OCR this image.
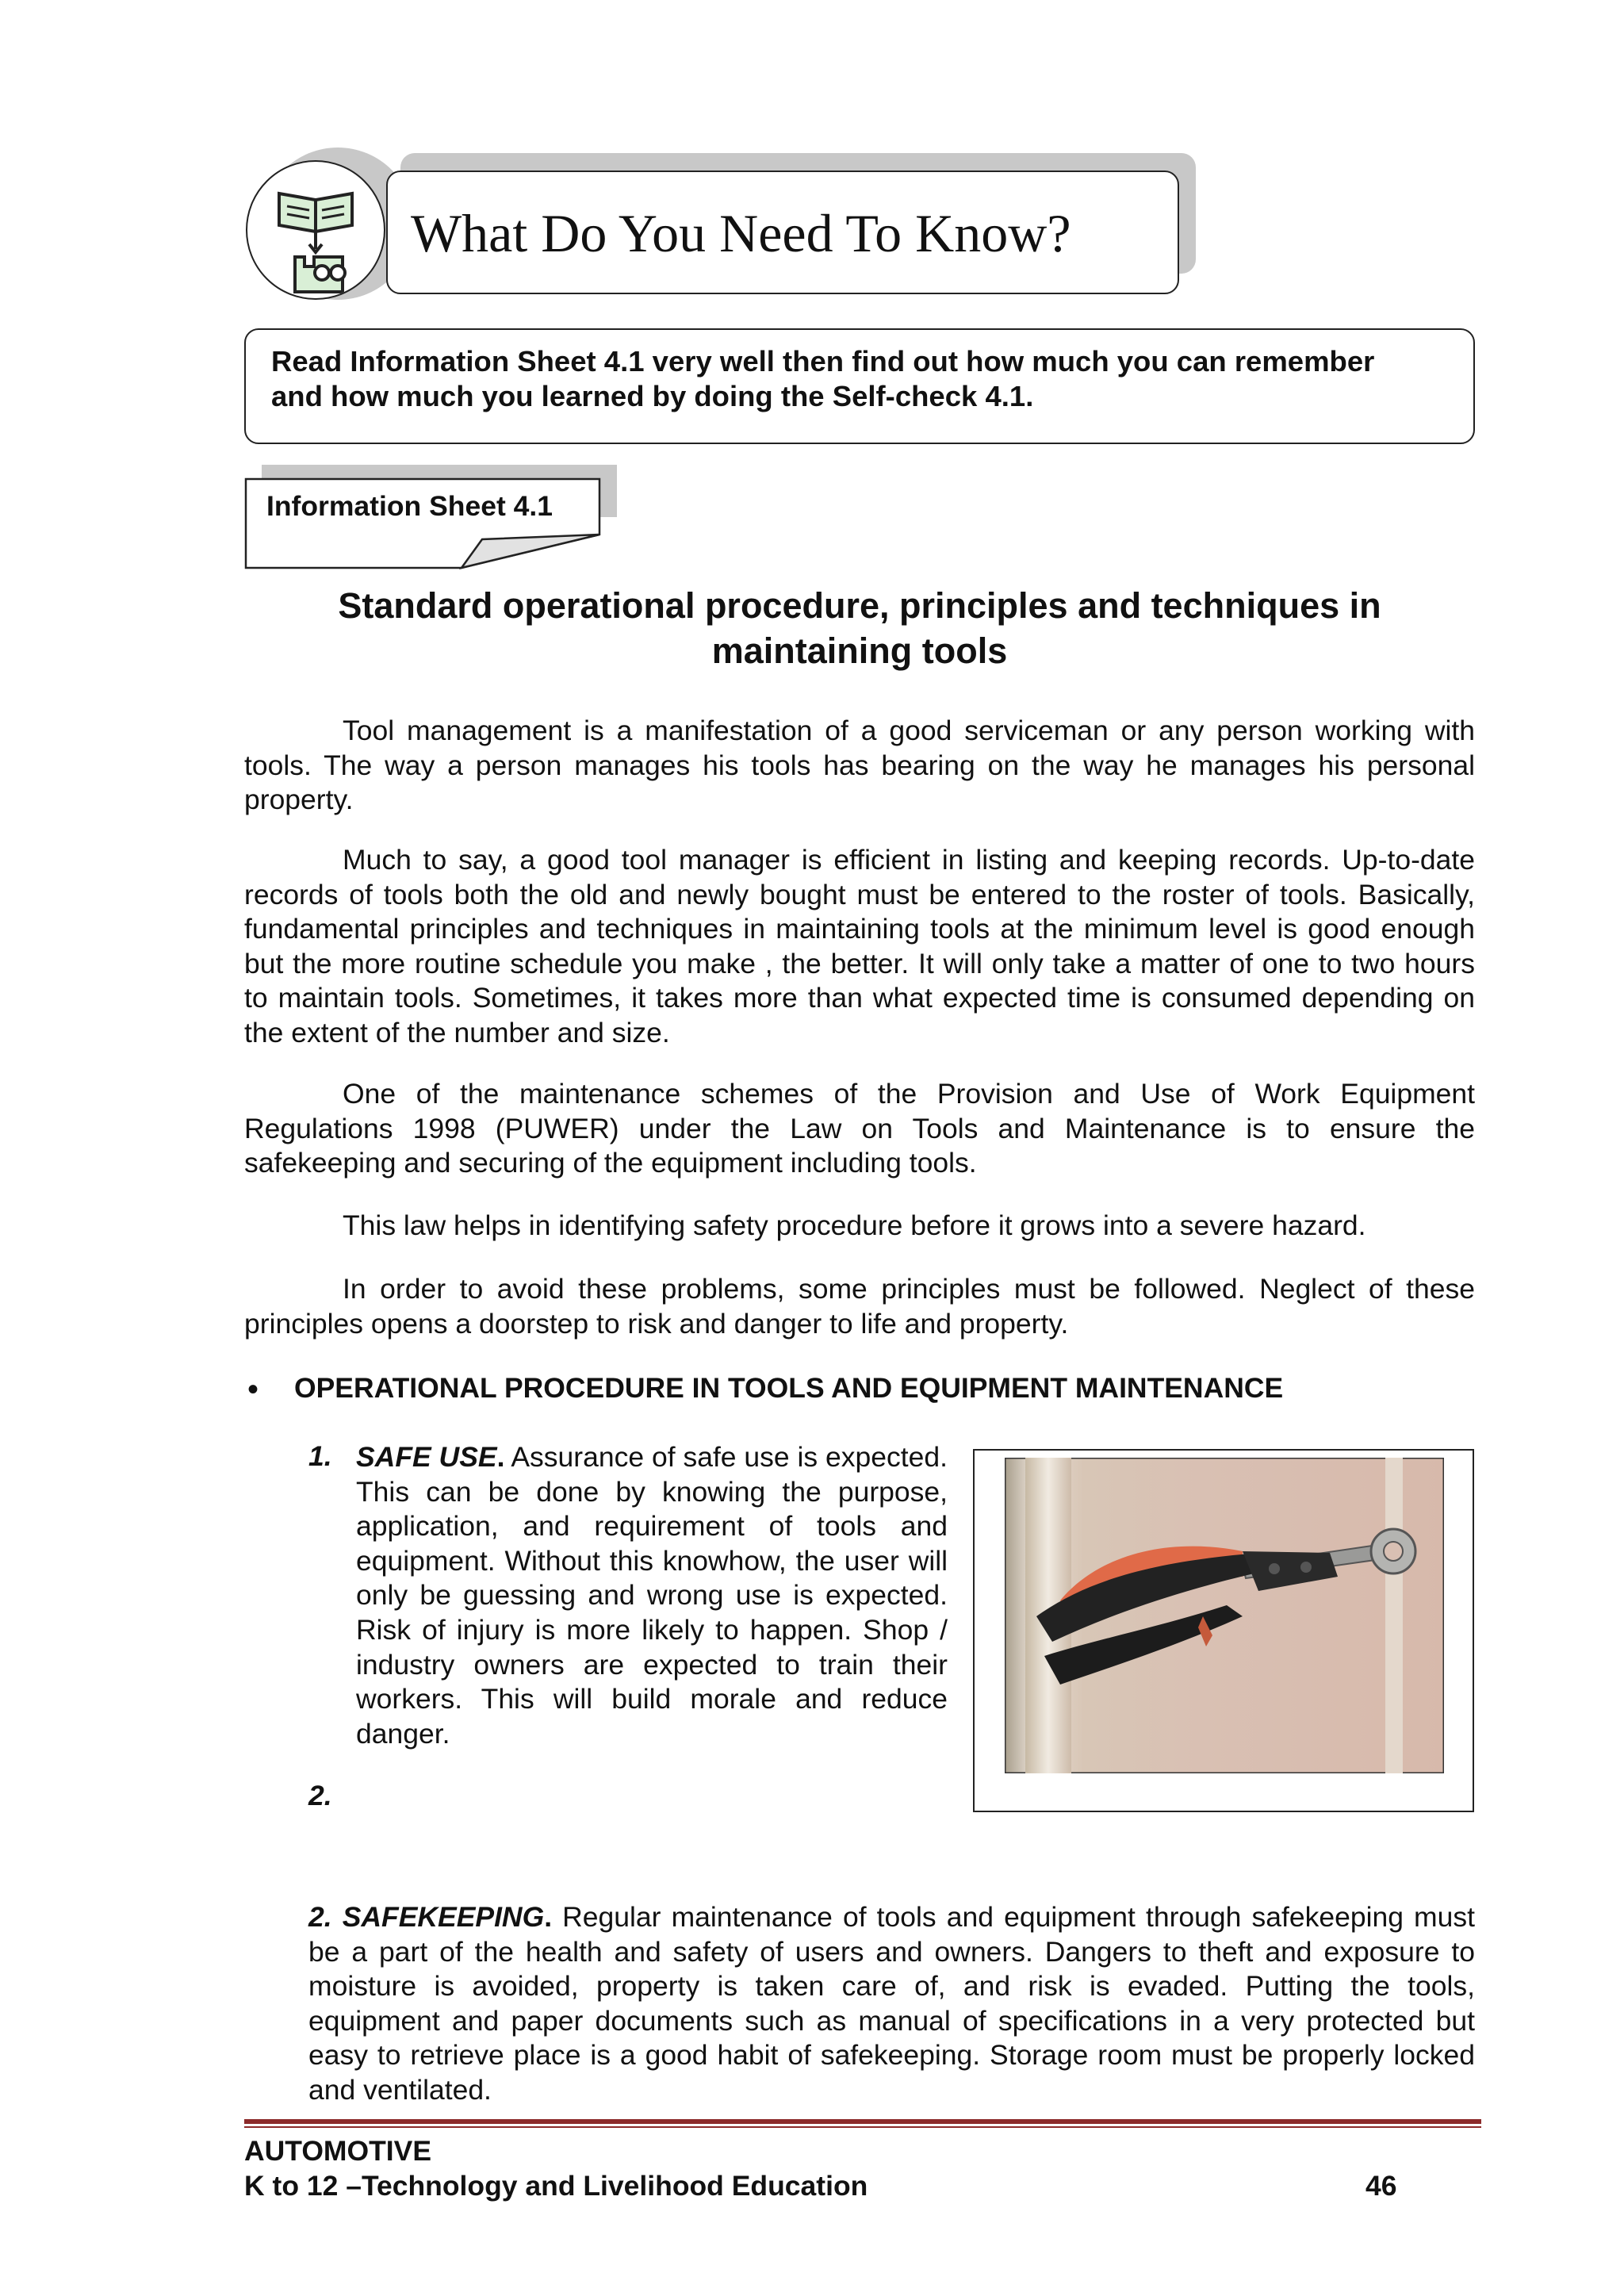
What Do You Need To Know?
Read Information Sheet 4.1 very well then find out how much you can remember
and how much you learned by doing the Self-check 4.1.
Information Sheet 4.1
Standard operational procedure, principles and techniques in
maintaining tools
Tool management is a manifestation of a good serviceman or any person working with tools. The way a person manages his tools has bearing on the way he manages his personal property.
Much to say, a good tool manager is efficient in listing and keeping records. Up-to-date records of tools both the old and newly bought must be entered to the roster of tools. Basically, fundamental principles and techniques in maintaining tools at the minimum level is good enough but the more routine schedule you make , the better. It will only take a matter of one to two hours to maintain tools. Sometimes, it takes more than what expected time is consumed depending on the extent of the number and size.
One of the maintenance schemes of the Provision and Use of Work Equipment Regulations 1998 (PUWER) under the Law on Tools and Maintenance is to ensure the safekeeping and securing of the equipment including tools.
This law helps in identifying safety procedure before it grows into a severe hazard.
In order to avoid these problems, some principles must be followed. Neglect of these principles opens a doorstep to risk and danger to life and property.
• OPERATIONAL PROCEDURE IN TOOLS AND EQUIPMENT MAINTENANCE
1. SAFE USE. Assurance of safe use is expected. This can be done by knowing the purpose, application, and requirement of tools and equipment. Without this knowhow, the user will only be guessing and wrong use is expected. Risk of injury is more likely to happen. Shop / industry owners are expected to train their workers. This will build morale and reduce danger.
2.
2. SAFEKEEPING. Regular maintenance of tools and equipment through safekeeping must be a part of the health and safety of users and owners. Dangers to theft and exposure to moisture is avoided, property is taken care of, and risk is evaded. Putting the tools, equipment and paper documents such as manual of specifications in a very protected but easy to retrieve place is a good habit of safekeeping. Storage room must be properly locked and ventilated.
AUTOMOTIVE
K to 12 –Technology and Livelihood Education	46
